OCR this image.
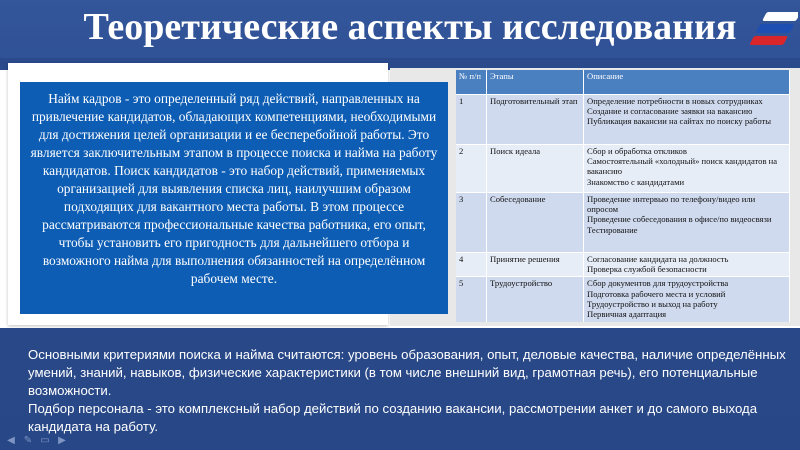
Теоретические аспекты исследования
Найм кадров - это определенный ряд действий, направленных на привлечение кандидатов, обладающих компетенциями, необходимыми для достижения целей организации и ее бесперебойной работы. Это является заключительным этапом в процессе поиска и найма на работу кандидатов. Поиск кандидатов - это набор действий, применяемых организацией для выявления списка лиц, наилучшим образом подходящих для вакантного места работы. В этом процессе рассматриваются профессиональные качества работника, его опыт, чтобы установить его пригодность для дальнейшего отбора и возможного найма для выполнения обязанностей на определённом рабочем месте.
№ п/п	Этапы	Описание
1	Подготовительный этап	Определение потребности в новых сотрудниках
Создание и согласование заявки на вакансию
Публикация вакансии на сайтах по поиску работы

2	Поиск идеала	Сбор и обработка откликов
Самостоятельный «холодный» поиск кандидатов на вакансию
Знакомство с кандидатами

3	Собеседование	Проведение интервью по телефону/видео или опросом
Проведение собеседования в офисе/по видеосвязи
Тестирование

4	Принятие решения	Согласование кандидата на должность
Проверка службой безопасности

5	Трудоустройство	Сбор документов для трудоустройства
Подготовка рабочего места и условий
Трудоустройство и выход на работу
Первичная адаптация

Основными критериями поиска и найма считаются: уровень образования, опыт, деловые качества, наличие определённых умений, знаний, навыков, физические характеристики (в том числе внешний вид, грамотная речь), его потенциальные возможности.

Подбор персонала - это комплексный набор действий по созданию вакансии, рассмотрении анкет и до самого выхода кандидата на работу.

◀ ✎ ▭ ▶
